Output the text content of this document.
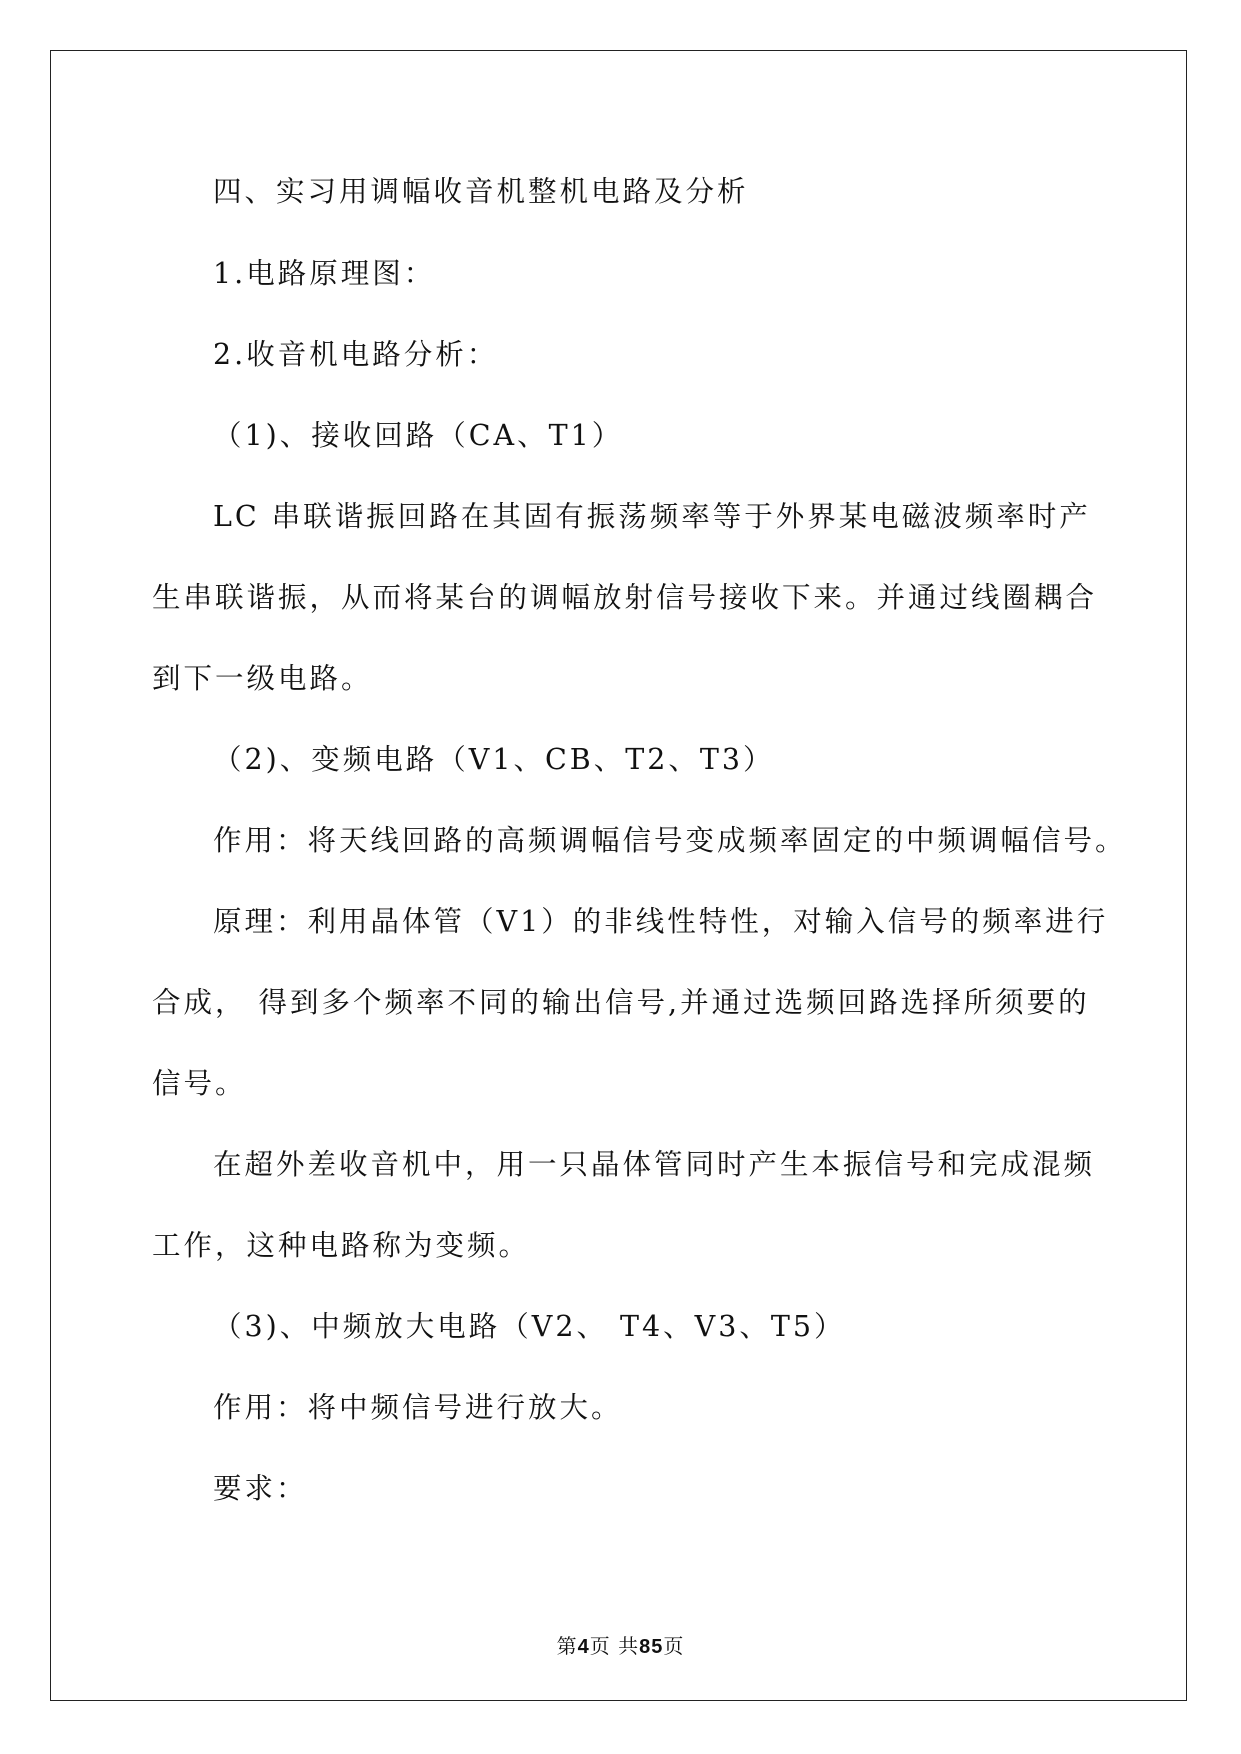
四、实习用调幅收音机整机电路及分析
1.电路原理图：
2.收音机电路分析：
（1)、接收回路（CA、T1）
LC 串联谐振回路在其固有振荡频率等于外界某电磁波频率时产
生串联谐振，从而将某台的调幅放射信号接收下来。并通过线圈耦合
到下一级电路。
（2)、变频电路（V1、CB、T2、T3）
作用：将天线回路的高频调幅信号变成频率固定的中频调幅信号。
原理：利用晶体管（V1）的非线性特性，对输入信号的频率进行
合成， 得到多个频率不同的输出信号,并通过选频回路选择所须要的
信号。
在超外差收音机中，用一只晶体管同时产生本振信号和完成混频
工作，这种电路称为变频。
（3)、中频放大电路（V2、 T4、V3、T5）
作用：将中频信号进行放大。
要求：
第4页 共85页
